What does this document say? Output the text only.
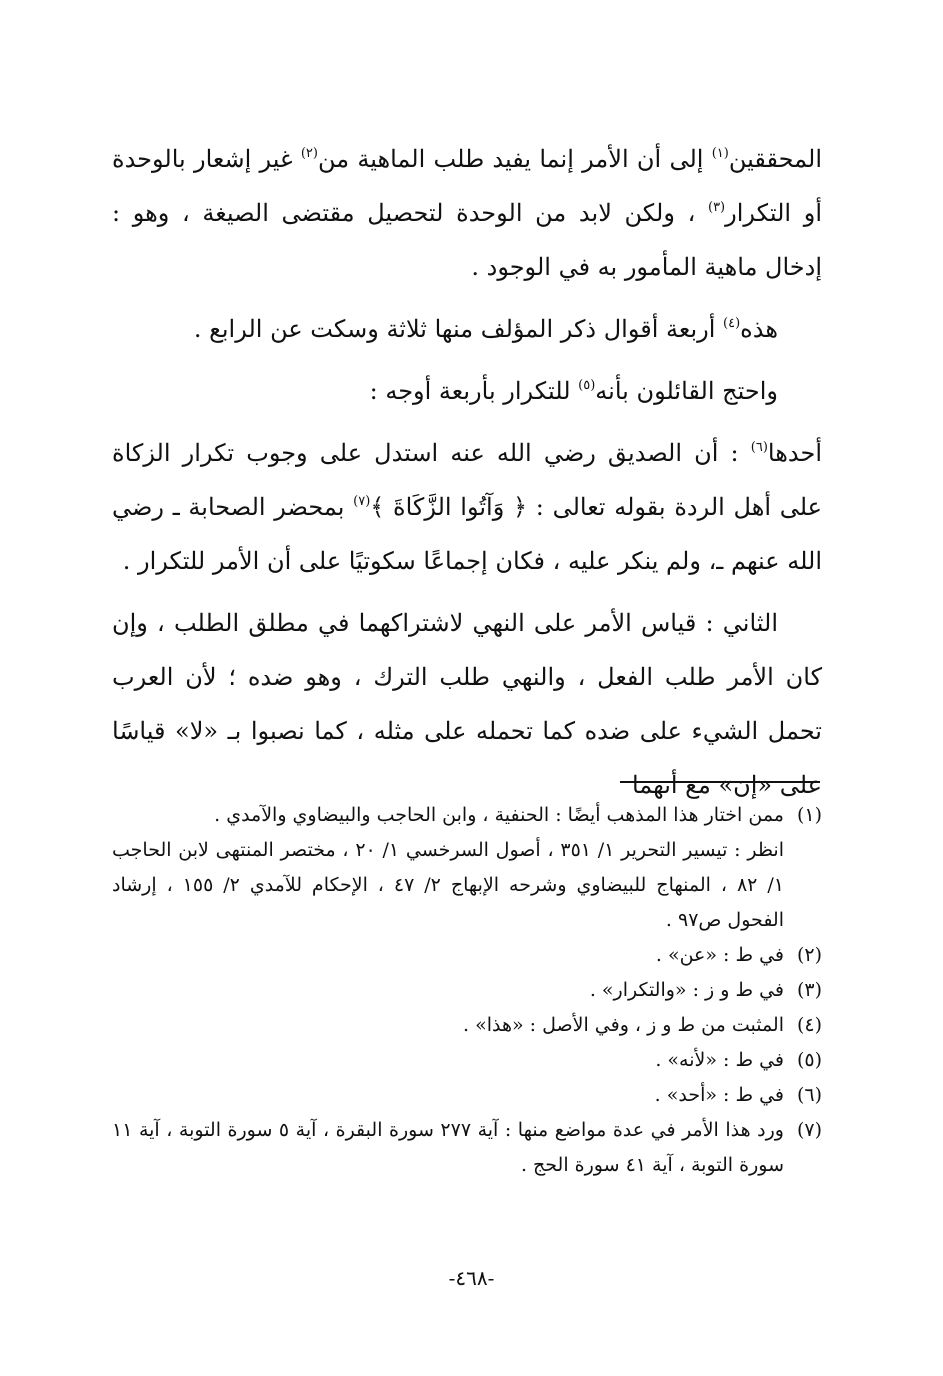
المحققين$^{(١)}$ إلى أن الأمر إنما يفيد طلب الماهية من$^{(٢)}$ غير إشعار بالوحدة أو التكرار$^{(٣)}$ ، ولكن لابد من الوحدة لتحصيل مقتضى الصيغة ، وهو : إدخال ماهية المأمور به في الوجود .

هذه$^{(٤)}$ أربعة أقوال ذكر المؤلف منها ثلاثة وسكت عن الرابع .

واحتج القائلون بأنه$^{(٥)}$ للتكرار بأربعة أوجه :

أحدها$^{(٦)}$ : أن الصديق رضي الله عنه استدل على وجوب تكرار الزكاة على أهل الردة بقوله تعالى : ﴿ وَآتُوا الزَّكَاةَ ﴾$^{(٧)}$ بمحضر الصحابة ـ رضي الله عنهم ـ، ولم ينكر عليه ، فكان إجماعًا سكوتيًا على أن الأمر للتكرار .

الثاني : قياس الأمر على النهي لاشتراكهما في مطلق الطلب ، وإن كان الأمر طلب الفعل ، والنهي طلب الترك ، وهو ضده ؛ لأن العرب تحمل الشيء على ضده كما تحمله على مثله ، كما نصبوا بـ «لا» قياسًا على «إن» مع أنهما

(١)
ممن اختار هذا المذهب أيضًا : الحنفية ، وابن الحاجب والبيضاوي والآمدي .
انظر : تيسير التحرير ١/ ٣٥١ ، أصول السرخسي ١/ ٢٠ ، مختصر المنتهى لابن الحاجب ١/ ٨٢ ، المنهاج للبيضاوي وشرحه الإبهاج ٢/ ٤٧ ، الإحكام للآمدي ٢/ ١٥٥ ، إرشاد الفحول ص٩٧ .
(٢)
في ط : «عن» .
(٣)
في ط و ز : «والتكرار» .
(٤)
المثبت من ط و ز ، وفي الأصل : «هذا» .
(٥)
في ط : «لأنه» .
(٦)
في ط : «أحد» .
(٧)
ورد هذا الأمر في عدة مواضع منها : آية ٢٧٧ سورة البقرة ، آية ٥ سورة التوبة ، آية ١١ سورة التوبة ، آية ٤١ سورة الحج .
-٤٦٨-
